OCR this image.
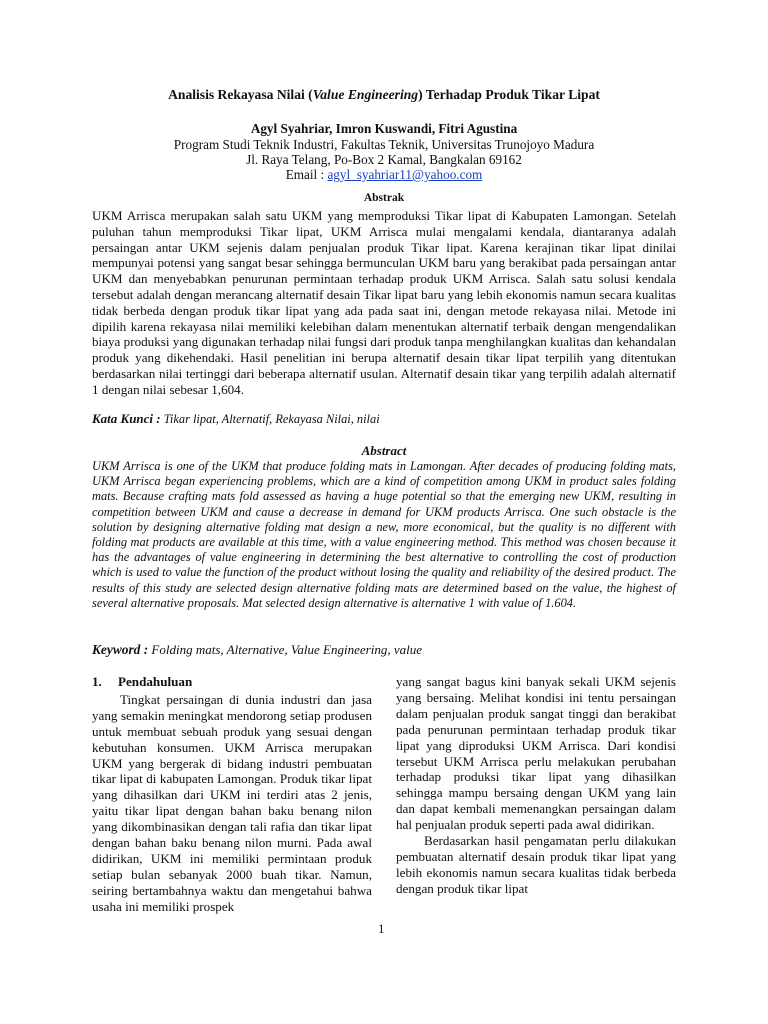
Analisis Rekayasa Nilai (Value Engineering) Terhadap Produk Tikar Lipat
Agyl Syahriar, Imron Kuswandi, Fitri Agustina
Program Studi Teknik Industri, Fakultas Teknik, Universitas Trunojoyo Madura
Jl. Raya Telang, Po-Box 2 Kamal, Bangkalan 69162
Email : agyl_syahriar11@yahoo.com
Abstrak

UKM Arrisca merupakan salah satu UKM yang memproduksi Tikar lipat di Kabupaten Lamongan. Setelah puluhan tahun memproduksi Tikar lipat, UKM Arrisca mulai mengalami kendala, diantaranya adalah persaingan antar UKM sejenis dalam penjualan produk Tikar lipat. Karena kerajinan tikar lipat dinilai mempunyai potensi yang sangat besar sehingga bermunculan UKM baru yang berakibat pada persaingan antar UKM dan menyebabkan penurunan permintaan terhadap produk UKM Arrisca. Salah satu solusi kendala tersebut adalah dengan merancang alternatif desain Tikar lipat baru yang lebih ekonomis namun secara kualitas tidak berbeda dengan produk tikar lipat yang ada pada saat ini, dengan metode rekayasa nilai. Metode ini dipilih karena rekayasa nilai memiliki kelebihan dalam menentukan alternatif terbaik dengan mengendalikan biaya produksi yang digunakan terhadap nilai fungsi dari produk tanpa menghilangkan kualitas dan kehandalan produk yang dikehendaki. Hasil penelitian ini berupa alternatif desain tikar lipat terpilih yang ditentukan berdasarkan nilai tertinggi dari beberapa alternatif usulan. Alternatif desain tikar yang terpilih adalah alternatif 1 dengan nilai sebesar 1,604.

Kata Kunci : Tikar lipat, Alternatif, Rekayasa Nilai, nilai
Abstract

UKM Arrisca is one of the UKM that produce folding mats in Lamongan. After decades of producing folding mats, UKM Arrisca began experiencing problems, which are a kind of competition among UKM in product sales folding mats. Because crafting mats fold assessed as having a huge potential so that the emerging new UKM, resulting in competition between UKM and cause a decrease in demand for UKM products Arrisca. One such obstacle is the solution by designing alternative folding mat design a new, more economical, but the quality is no different with folding mat products are available at this time, with a value engineering method. This method was chosen because it has the advantages of value engineering in determining the best alternative to controlling the cost of production which is used to value the function of the product without losing the quality and reliability of the desired product. The results of this study are selected design alternative folding mats are determined based on the value, the highest of several alternative proposals. Mat selected design alternative is alternative 1 with value of 1.604.

Keyword : Folding mats, Alternative, Value Engineering, value
1. Pendahuluan

Tingkat persaingan di dunia industri dan jasa yang semakin meningkat mendorong setiap produsen untuk membuat sebuah produk yang sesuai dengan kebutuhan konsumen. UKM Arrisca merupakan UKM yang bergerak di bidang industri pembuatan tikar lipat di kabupaten Lamongan. Produk tikar lipat yang dihasilkan dari UKM ini terdiri atas 2 jenis, yaitu tikar lipat dengan bahan baku benang nilon yang dikombinasikan dengan tali rafia dan tikar lipat dengan bahan baku benang nilon murni. Pada awal didirikan, UKM ini memiliki permintaan produk setiap bulan sebanyak 2000 buah tikar. Namun, seiring bertambahnya waktu dan mengetahui bahwa usaha ini memiliki prospek

yang sangat bagus kini banyak sekali UKM sejenis yang bersaing. Melihat kondisi ini tentu persaingan dalam penjualan produk sangat tinggi dan berakibat pada penurunan permintaan terhadap produk tikar lipat yang diproduksi UKM Arrisca. Dari kondisi tersebut UKM Arrisca perlu melakukan perubahan terhadap produksi tikar lipat yang dihasilkan sehingga mampu bersaing dengan UKM yang lain dan dapat kembali memenangkan persaingan dalam hal penjualan produk seperti pada awal didirikan.

Berdasarkan hasil pengamatan perlu dilakukan pembuatan alternatif desain produk tikar lipat yang lebih ekonomis namun secara kualitas tidak berbeda dengan produk tikar lipat

1
